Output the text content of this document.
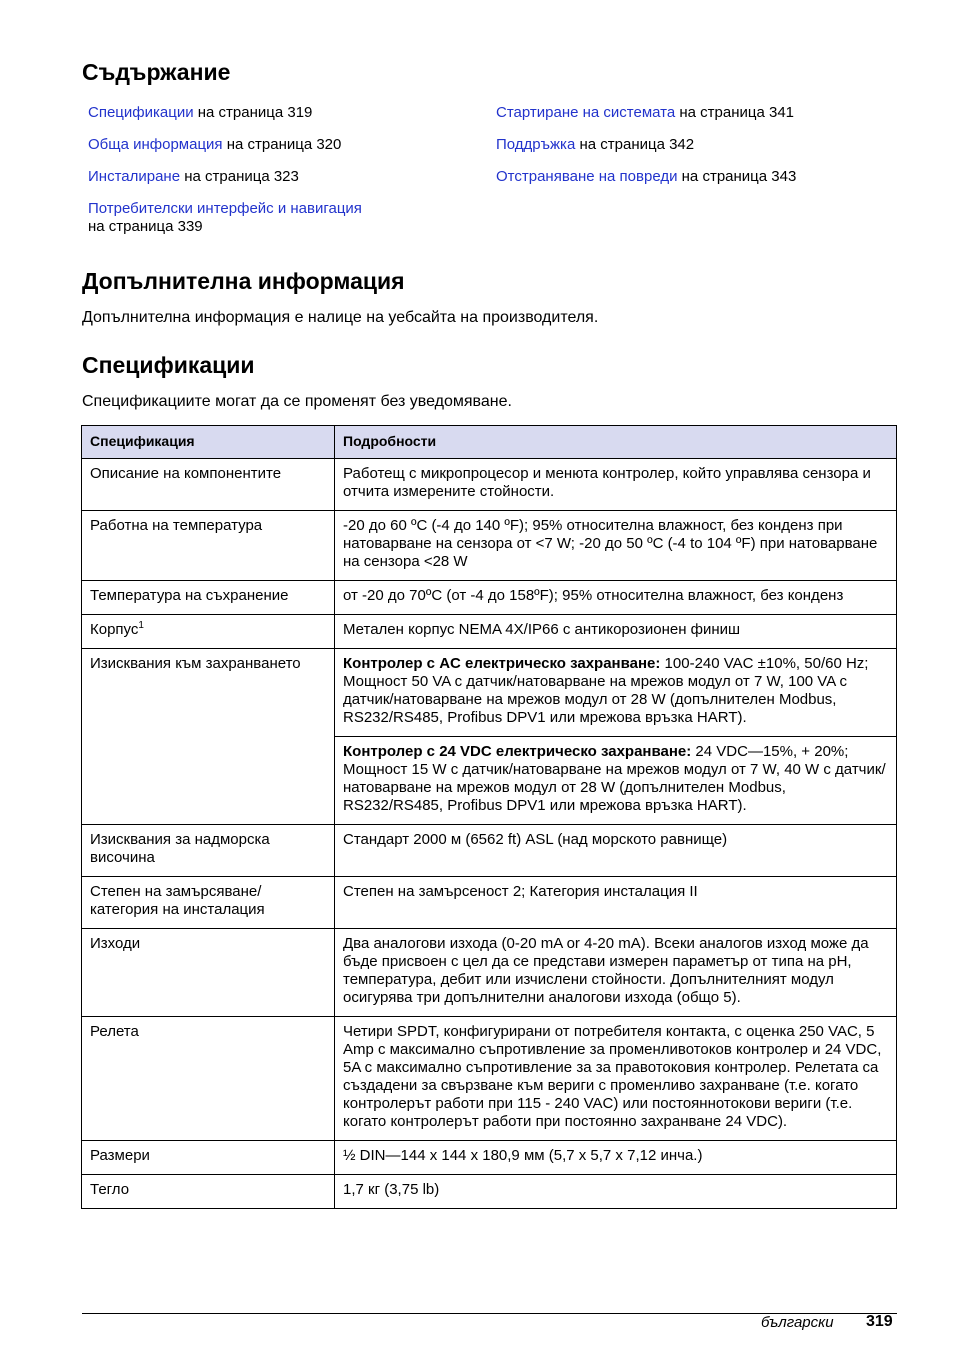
Съдържание
Спецификации на страница 319
Обща информация на страница 320
Инсталиране на страница 323
Потребителски интерфейс и навигация
на страница 339
Стартиране на системата на страница 341
Поддръжка на страница 342
Отстраняване на повреди на страница 343
Допълнителна информация
Допълнителна информация е налице на уебсайта на производителя.
Спецификации
Спецификациите могат да се променят без уведомяване.
Спецификация	Подробности
Описание на компонентите	Работещ с микропроцесор и менюта контролер, който управлява сензора и отчита измерените стойности.
Работна на температура	-20 до 60 ºC (-4 до 140 ºF); 95% относителна влажност, без конденз при натоварване на сензора от <7 W; -20 до 50 ºC (-4 to 104 ºF) при натоварване на сензора <28 W
Температура на съхранение	от -20 до 70ºC (от -4 до 158ºF); 95% относителна влажност, без конденз
Корпус$^1$	Метален корпус NEMA 4X/IP66 с антикорозионен финиш
Изисквания към захранването	Контролер с AC електрическо захранване: 100-240 VAC ±10%, 50/60 Hz; Мощност 50 VA с датчик/натоварване на мрежов модул от 7 W, 100 VA с датчик/натоварване на мрежов модул от 28 W (допълнителен Modbus, RS232/RS485, Profibus DPV1 или мрежова връзка HART).
	Контролер с 24 VDC електрическо захранване: 24 VDC—15%, + 20%; Мощност 15 W с датчик/натоварване на мрежов модул от 7 W, 40 W с датчик/натоварване на мрежов модул от 28 W (допълнителен Modbus, RS232/RS485, Profibus DPV1 или мрежова връзка HART).
Изисквания за надморска височина	Стандарт 2000 м (6562 ft) ASL (над морското равнище)
Степен на замърсяване/категория на инсталация	Степен на замърсеност 2; Категория инсталация II
Изходи	Два аналогови изхода (0-20 mA or 4-20 mA). Всеки аналогов изход може да бъде присвоен с цел да се представи измерен параметър от типа на pH, температура, дебит или изчислени стойности. Допълнителният модул осигурява три допълнителни аналогови изхода (общо 5).
Релета	Четири SPDT, конфигурирани от потребителя контакта, с оценка 250 VAC, 5 Amp с максимално съпротивление за променливотоков контролер и 24 VDC, 5A с максимално съпротивление за за правотоковия контролер. Релетата са създадени за свързване към вериги с променливо захранване (т.е. когато контролерът работи при 115 - 240 VAC) или постояннотокови вериги (т.е. когато контролерът работи при постоянно захранване 24 VDC).
Размери	½ DIN—144 x 144 x 180,9 мм (5,7 x 5,7 x 7,12 инча.)
Тегло	1,7 кг (3,75 lb)
български 319
